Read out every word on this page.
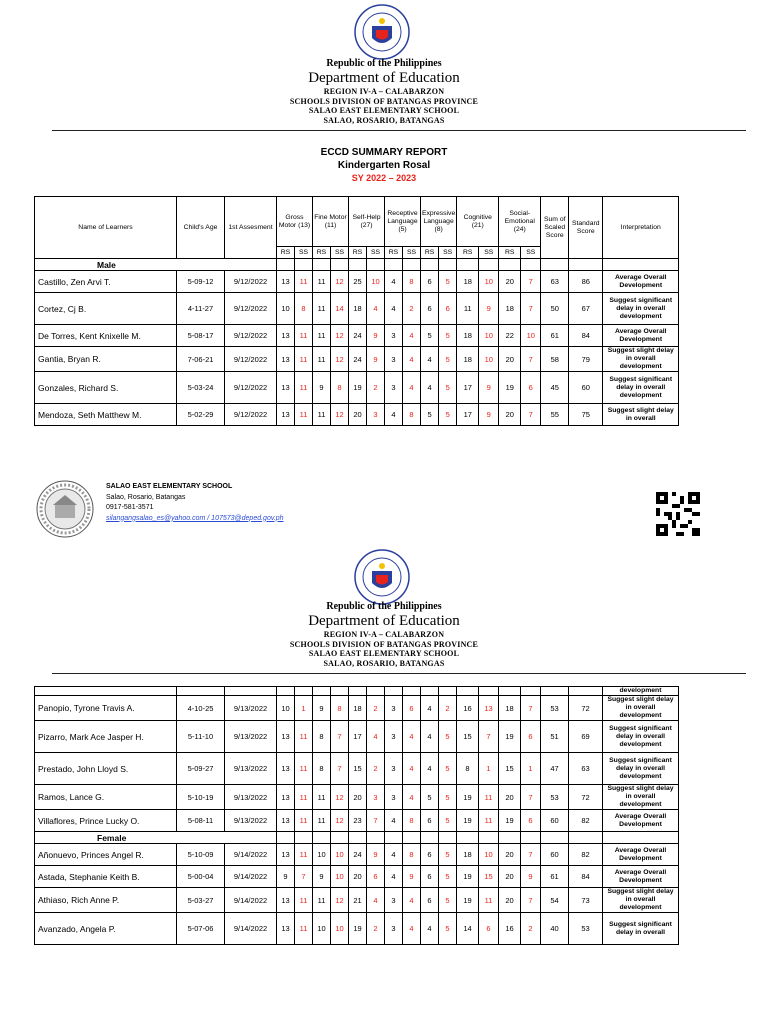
Republic of the Philippines
Department of Education
REGION IV-A – CALABARZON
SCHOOLS DIVISION OF BATANGAS PROVINCE
SALAO EAST ELEMENTARY SCHOOL
SALAO, ROSARIO, BATANGAS
ECCD SUMMARY REPORT
Kindergarten Rosal
SY 2022 – 2023
Name of Learners	Child's Age	1st Assesment	Gross Motor (13)		Fine Motor (11)		Self-Help (27)		Receptive Language (5)		Expressive Language (8)		Cognitive (21)		Social-Emotional (24)		Sum of Scaled Score	Standard Score	Interpretation
			RS	SS	RS	SS	RS	SS	RS	SS	RS	SS	RS	SS	RS	SS			
Male																			
Castillo, Zen Arvi T.	5-09-12	9/12/2022	13	11	11	12	25	10	4	8	6	5	18	10	20	7	63	86	Average Overall Development
Cortez, Cj B.	4-11-27	9/12/2022	10	8	11	14	18	4	4	2	6	6	11	9	18	7	50	67	Suggest significant delay in overall development
De Torres, Kent Knixelle M.	5-08-17	9/12/2022	13	11	11	12	24	9	3	4	5	5	18	10	22	10	61	84	Average Overall Development
Gantia, Bryan R.	7-06-21	9/12/2022	13	11	11	12	24	9	3	4	4	5	18	10	20	7	58	79	Suggest slight delay in overall development
Gonzales, Richard S.	5-03-24	9/12/2022	13	11	9	8	19	2	3	4	4	5	17	9	19	6	45	60	Suggest significant delay in overall development
Mendoza, Seth Matthew M.	5-02-29	9/12/2022	13	11	11	12	20	3	4	8	5	5	17	9	20	7	55	75	Suggest slight delay in overall
SALAO EAST ELEMENTARY SCHOOL
Salao, Rosario, Batangas
0917-581-3571
silangangsalao_es@yahoo.com / 107573@deped.gov.ph
Republic of the Philippines
Department of Education
REGION IV-A – CALABARZON
SCHOOLS DIVISION OF BATANGAS PROVINCE
SALAO EAST ELEMENTARY SCHOOL
SALAO, ROSARIO, BATANGAS
																			development
Panopio, Tyrone Travis A.	4-10-25	9/13/2022	10	1	9	8	18	2	3	6	4	2	16	13	18	7	53	72	Suggest slight delay in overall development
Pizarro, Mark Ace Jasper H.	5-11-10	9/13/2022	13	11	8	7	17	4	3	4	4	5	15	7	19	6	51	69	Suggest significant delay in overall development
Prestado, John Lloyd S.	5-09-27	9/13/2022	13	11	8	7	15	2	3	4	4	5	8	1	15	1	47	63	Suggest significant delay in overall development
Ramos, Lance G.	5-10-19	9/13/2022	13	11	11	12	20	3	3	4	5	5	19	11	20	7	53	72	Suggest slight delay in overall development
Villaflores, Prince Lucky O.	5-08-11	9/13/2022	13	11	11	12	23	7	4	8	6	5	19	11	19	6	60	82	Average Overall Development
Female																			
Añonuevo, Princes Angel R.	5-10-09	9/14/2022	13	11	10	10	24	9	4	8	6	5	18	10	20	7	60	82	Average Overall Development
Astada, Stephanie Keith B.	5-00-04	9/14/2022	9	7	9	10	20	6	4	9	6	5	19	15	20	9	61	84	Average Overall Development
Athiaso, Rich Anne P.	5-03-27	9/14/2022	13	11	11	12	21	4	3	4	6	5	19	11	20	7	54	73	Suggest slight delay in overall development
Avanzado, Angela P.	5-07-06	9/14/2022	13	11	10	10	19	2	3	4	4	5	14	6	16	2	40	53	Suggest significant delay in overall
